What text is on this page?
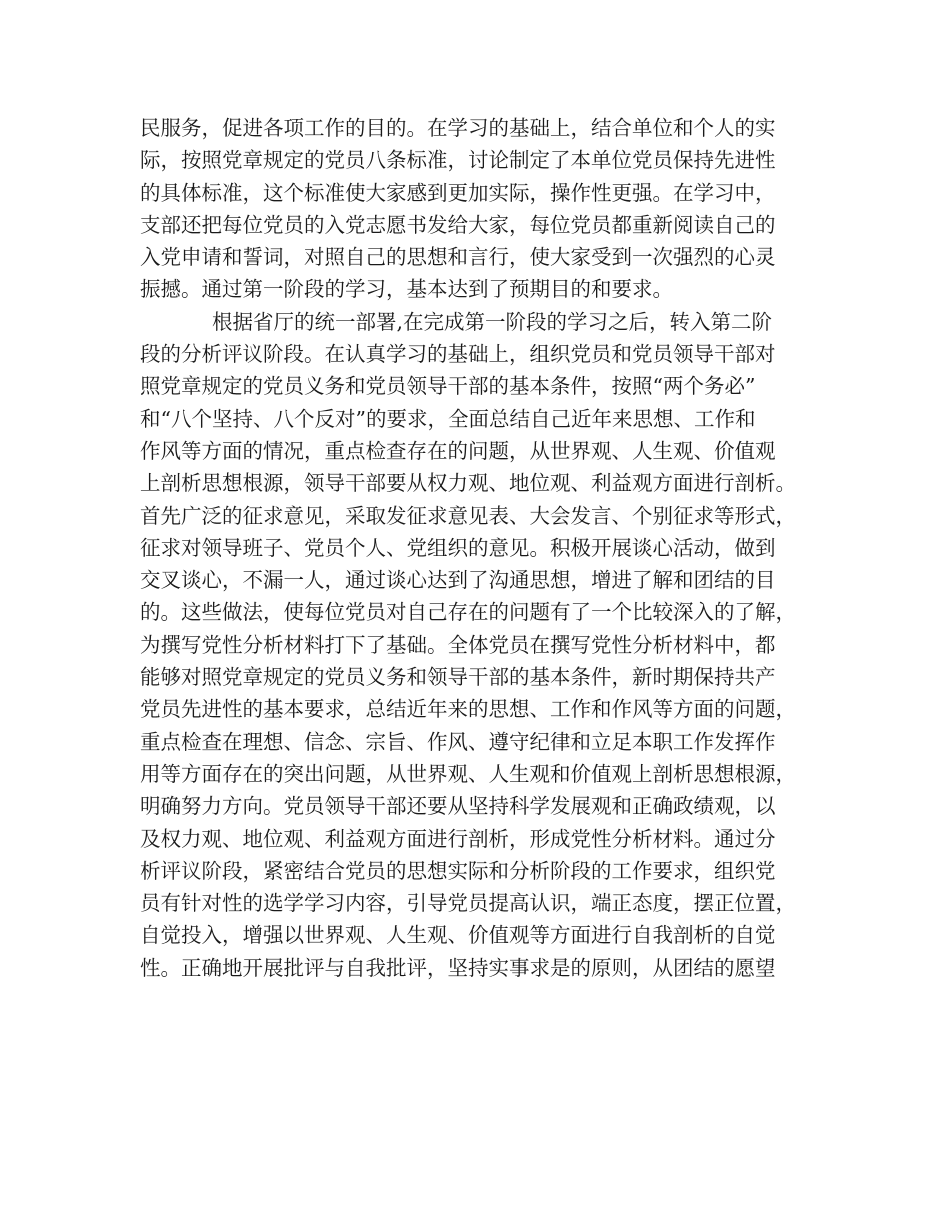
民服务，促进各项工作的目的。在学习的基础上，结合单位和个人的实
际，按照党章规定的党员八条标准，讨论制定了本单位党员保持先进性
的具体标准，这个标准使大家感到更加实际，操作性更强。在学习中，
支部还把每位党员的入党志愿书发给大家，每位党员都重新阅读自己的
入党申请和誓词，对照自己的思想和言行，使大家受到一次强烈的心灵
振撼。通过第一阶段的学习，基本达到了预期目的和要求。
根据省厅的统一部署,在完成第一阶段的学习之后，转入第二阶
段的分析评议阶段。在认真学习的基础上，组织党员和党员领导干部对
照党章规定的党员义务和党员领导干部的基本条件，按照“两个务必”
和“八个坚持、八个反对”的要求，全面总结自己近年来思想、工作和
作风等方面的情况，重点检查存在的问题，从世界观、人生观、价值观
上剖析思想根源，领导干部要从权力观、地位观、利益观方面进行剖析。
首先广泛的征求意见，采取发征求意见表、大会发言、个别征求等形式，
征求对领导班子、党员个人、党组织的意见。积极开展谈心活动，做到
交叉谈心，不漏一人，通过谈心达到了沟通思想，增进了解和团结的目
的。这些做法，使每位党员对自己存在的问题有了一个比较深入的了解，
为撰写党性分析材料打下了基础。全体党员在撰写党性分析材料中，都
能够对照党章规定的党员义务和领导干部的基本条件，新时期保持共产
党员先进性的基本要求，总结近年来的思想、工作和作风等方面的问题，
重点检查在理想、信念、宗旨、作风、遵守纪律和立足本职工作发挥作
用等方面存在的突出问题，从世界观、人生观和价值观上剖析思想根源，
明确努力方向。党员领导干部还要从坚持科学发展观和正确政绩观，以
及权力观、地位观、利益观方面进行剖析，形成党性分析材料。通过分
析评议阶段，紧密结合党员的思想实际和分析阶段的工作要求，组织党
员有针对性的选学学习内容，引导党员提高认识，端正态度，摆正位置，
自觉投入，增强以世界观、人生观、价值观等方面进行自我剖析的自觉
性。正确地开展批评与自我批评，坚持实事求是的原则，从团结的愿望
